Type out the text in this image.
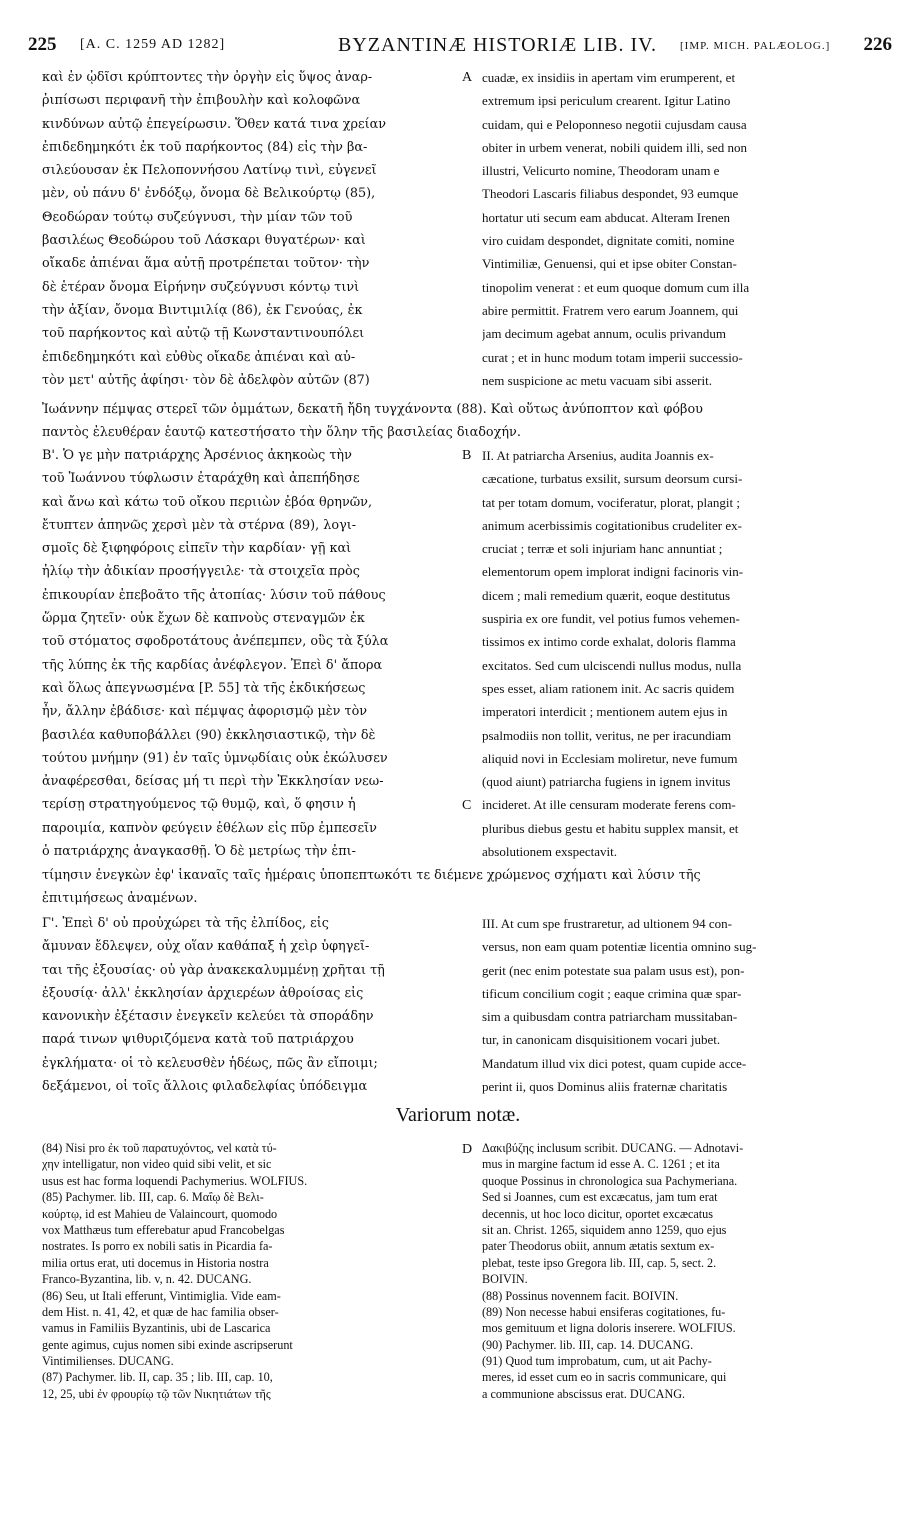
225 [A. C. 1259 AD 1282]	BYZANTINÆ HISTORIÆ LIB. IV. [IMP. MICH. PALÆOLOG.] 226
καὶ ἐν ᾠδῖσι κρύπτοντες τὴν ὀργὴν εἰς ὕψος ἀναρ-
ῥιπίσωσι περιφανῆ τὴν ἐπιβουλὴν καὶ κολοφῶνα
κινδύνων αὐτῷ ἐπεγείρωσιν. Ὅθεν κατά τινα χρείαν
ἐπιδεδημηκότι ἐκ τοῦ παρήκοντος (84) εἰς τὴν βα-
σιλεύουσαν ἐκ Πελοποννήσου Λατίνῳ τινὶ, εὐγενεῖ
μὲν, οὐ πάνυ δ' ἐνδόξῳ, ὄνομα δὲ Βελικούρτῳ (85),
Θεοδώραν τούτῳ συζεύγνυσι, τὴν μίαν τῶν τοῦ
βασιλέως Θεοδώρου τοῦ Λάσκαρι θυγατέρων· καὶ
οἴκαδε ἀπιέναι ἅμα αὐτῇ προτρέπεται τοῦτον· τὴν
δὲ ἑτέραν ὄνομα Εἰρήνην συζεύγνυσι κόντῳ τινὶ
τὴν ἀξίαν, ὄνομα Βιντιμιλίᾳ (86), ἐκ Γενούας, ἐκ
τοῦ παρήκοντος καὶ αὐτῷ τῇ Κωνσταντινουπόλει
ἐπιδεδημηκότι καὶ εὐθὺς οἴκαδε ἀπιέναι καὶ αὐ-
τὸν μετ' αὐτῆς ἀφίησι· τὸν δὲ ἀδελφὸν αὐτῶν (87)
A cuadæ, ex insidiis in apertam vim erumperent, et
extremum ipsi periculum crearent. Igitur Latino
cuidam, qui e Peloponneso negotii cujusdam causa
obiter in urbem venerat, nobili quidem illi, sed non
illustri, Velicurto nomine, Theodoram unam e
Theodori Lascaris filiabus despondet, 93 eumque
hortatur uti secum eam abducat. Alteram Irenen
viro cuidam despondet, dignitate comiti, nomine
Vintimiliæ, Genuensi, qui et ipse obiter Constan-
tinopolim venerat : et eum quoque domum cum illa
abire permittit. Fratrem vero earum Joannem, qui
jam decimum agebat annum, oculis privandum
curat ; et in hunc modum totam imperii successio-
nem suspicione ac metu vacuam sibi asserit.
Ἰωάννην πέμψας στερεῖ τῶν ὀμμάτων, δεκατῆ ἤδη τυγχάνοντα (88). Καὶ οὕτως ἀνύποπτον καὶ φόβου
παντὸς ἐλευθέραν ἑαυτῷ κατεστήσατο τὴν ὅλην τῆς βασιλείας διαδοχήν.
Β'. Ὁ γε μὴν πατριάρχης Ἀρσένιος ἀκηκοὼς τὴν
τοῦ Ἰωάννου τύφλωσιν ἐταράχθη καὶ ἀπεπήδησε
καὶ ἄνω καὶ κάτω τοῦ οἴκου περιιὼν ἐβόα θρηνῶν,
ἔτυπτεν ἀπηνῶς χερσὶ μὲν τὰ στέρνα (89), λογι-
σμοῖς δὲ ξιφηφόροις εἰπεῖν τὴν καρδίαν· γῇ καὶ
ἡλίῳ τὴν ἀδικίαν προσήγγειλε· τὰ στοιχεῖα πρὸς
ἐπικουρίαν ἐπεβοᾶτο τῆς ἀτοπίας· λύσιν τοῦ πάθους
ὥρμα ζητεῖν· οὐκ ἔχων δὲ καπνοὺς στεναγμῶν ἐκ
τοῦ στόματος σφοδροτάτους ἀνέπεμπεν, οὓς τὰ ξύλα
τῆς λύπης ἐκ τῆς καρδίας ἀνέφλεγον. Ἐπεὶ δ' ἄπορα
καὶ ὅλως ἀπεγνωσμένα [P. 55] τὰ τῆς ἐκδικήσεως
ἦν, ἄλλην ἐβάδισε· καὶ πέμψας ἀφορισμῷ μὲν τὸν
βασιλέα καθυποβάλλει (90) ἐκκλησιαστικῷ, τὴν δὲ
τούτου μνήμην (91) ἐν ταῖς ὑμνῳδίαις οὐκ ἐκώλυσεν
ἀναφέρεσθαι, δείσας μή τι περὶ τὴν Ἐκκλησίαν νεω-
τερίσῃ στρατηγούμενος τῷ θυμῷ, καὶ, ὅ φησιν ἡ
παροιμία, καπνὸν φεύγειν ἐθέλων εἰς πῦρ ἐμπεσεῖν
ὁ πατριάρχης ἀναγκασθῇ. Ὁ δὲ μετρίως τὴν ἐπι-
B
C
II. At patriarcha Arsenius, audita Joannis ex-
cæcatione, turbatus exsilit, sursum deorsum cursi-
tat per totam domum, vociferatur, plorat, plangit ;
animum acerbissimis cogitationibus crudeliter ex-
cruciat ; terræ et soli injuriam hanc annuntiat ;
elementorum opem implorat indigni facinoris vin-
dicem ; mali remedium quærit, eoque destitutus
suspiria ex ore fundit, vel potius fumos vehemen-
tissimos ex intimo corde exhalat, doloris flamma
excitatos. Sed cum ulciscendi nullus modus, nulla
spes esset, aliam rationem init. Ac sacris quidem
imperatori interdicit ; mentionem autem ejus in
psalmodiis non tollit, veritus, ne per iracundiam
aliquid novi in Ecclesiam moliretur, neve fumum
(quod aiunt) patriarcha fugiens in ignem invitus
incideret. At ille censuram moderate ferens com-
pluribus diebus gestu et habitu supplex mansit, et
absolutionem exspectavit.
τίμησιν ἐνεγκὼν ἐφ' ἱκαναῖς ταῖς ἡμέραις ὑποπεπτωκότι τε διέμενε χρώμενος σχήματι καὶ λύσιν τῆς
ἐπιτιμήσεως ἀναμένων.
Γ'. Ἐπεὶ δ' οὐ προὐχώρει τὰ τῆς ἐλπίδος, εἰς
ἄμυναν ἔδλεψεν, οὐχ οἵαν καθάπαξ ἡ χεὶρ ὑφηγεῖ-
ται τῆς ἐξουσίας· οὐ γὰρ ἀνακεκαλυμμένῃ χρῆται τῇ
ἐξουσίᾳ· ἀλλ' ἐκκλησίαν ἀρχιερέων ἀθροίσας εἰς
κανονικὴν ἐξέτασιν ἐνεγκεῖν κελεύει τὰ σποράδην
παρά τινων ψιθυριζόμενα κατὰ τοῦ πατριάρχου
ἐγκλήματα· οἱ τὸ κελευσθὲν ἡδέως, πῶς ἂν εἴποιμι;
δεξάμενοι, οἱ τοῖς ἄλλοις φιλαδελφίας ὑπόδειγμα
III. At cum spe frustraretur, ad ultionem 94 con-
versus, non eam quam potentiæ licentia omnino sug-
gerit (nec enim potestate sua palam usus est), pon-
tificum concilium cogit ; eaque crimina quæ spar-
sim a quibusdam contra patriarcham mussitaban-
tur, in canonicam disquisitionem vocari jubet.
Mandatum illud vix dici potest, quam cupide acce-
perint ii, quos Dominus aliis fraternæ charitatis
Variorum notæ.
(84) Nisi pro ἐκ τοῦ παρατυχόντος, vel κατὰ τύ-
χην intelligatur, non video quid sibi velit, et sic
usus est hac forma loquendi Pachymerius. WOLFIUS.
(85) Pachymer. lib. III, cap. 6. Μαΐῳ δὲ Βελι-
κούρτῳ, id est Mahieu de Valaincourt, quomodo
vox Matthæus tum efferebatur apud Francobelgas
nostrates. Is porro ex nobili satis in Picardia fa-
milia ortus erat, uti docemus in Historia nostra
Franco-Byzantina, lib. v, n. 42. DUCANG.
(86) Seu, ut Itali efferunt, Vintimiglia. Vide eam-
dem Hist. n. 41, 42, et quæ de hac familia obser-
vamus in Familiis Byzantinis, ubi de Lascarica
gente agimus, cujus nomen sibi exinde ascripserunt
Vintimilienses. DUCANG.
(87) Pachymer. lib. II, cap. 35 ; lib. III, cap. 10,
12, 25, ubi ἐν φρουρίῳ τῷ τῶν Νικητιάτων τῆς
D Δακιβύζης inclusum scribit. DUCANG. — Adnotavi-
mus in margine factum id esse A. C. 1261 ; et ita
quoque Possinus in chronologica sua Pachymeriana.
Sed si Joannes, cum est excæcatus, jam tum erat
decennis, ut hoc loco dicitur, oportet excæcatus
sit an. Christ. 1265, siquidem anno 1259, quo ejus
pater Theodorus obiit, annum ætatis sextum ex-
plebat, teste ipso Gregora lib. III, cap. 5, sect. 2.
BOIVIN.
(88) Possinus novennem facit. BOIVIN.
(89) Non necesse habui ensiferas cogitationes, fu-
mos gemituum et ligna doloris inserere. WOLFIUS.
(90) Pachymer. lib. III, cap. 14. DUCANG.
(91) Quod tum improbatum, cum, ut ait Pachy-
meres, id esset cum eo in sacris communicare, qui
a communione abscissus erat. DUCANG.
